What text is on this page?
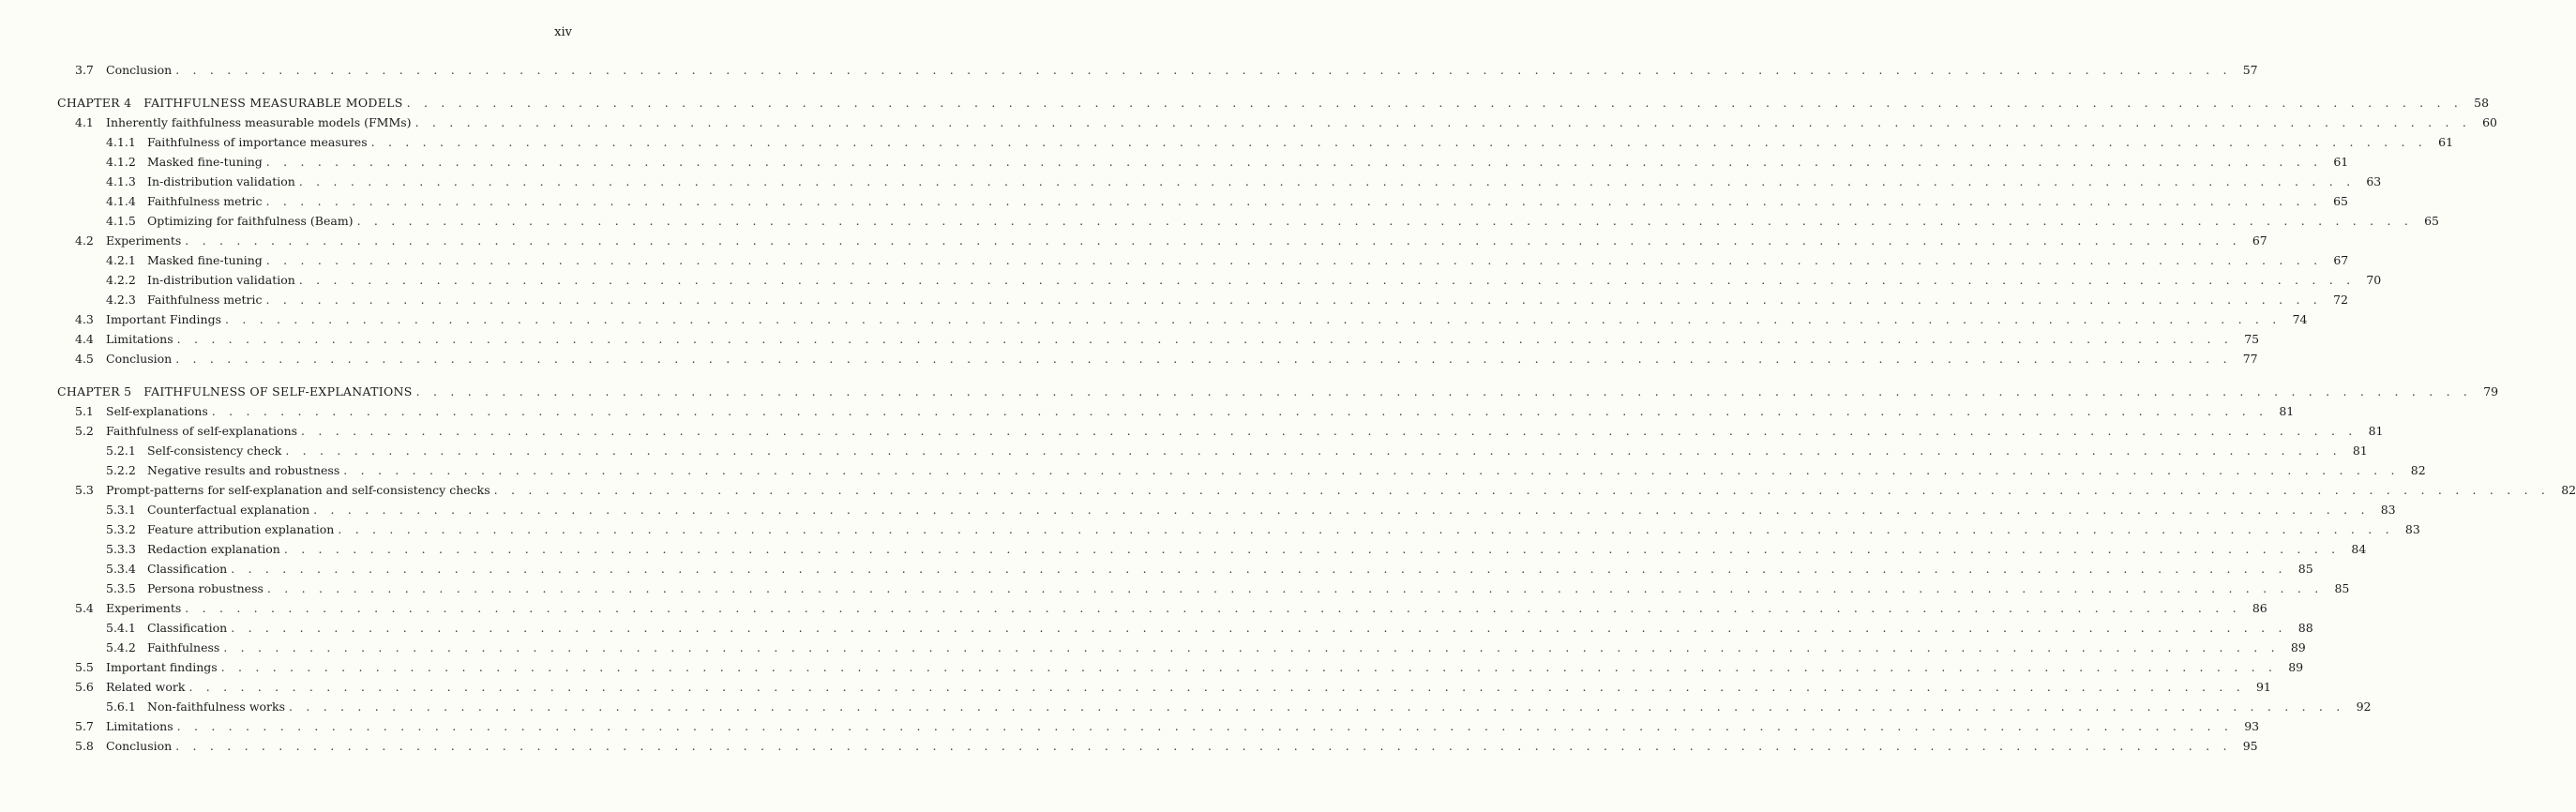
xiv
3.7 Conclusion . . . . . . . . . . . . . . . . . . . . . . . . . . . . . . . . . . . . . . . . . . . . . . . . . . . . . . . . . . . . . . . . . . . . . . . . . . . . . . . . . . . . . . . . . . . . . . . . . . . . . . . . . . . . . . . . . . . . . . . . 57
CHAPTER 4   FAITHFULNESS MEASURABLE MODELS . . . . . . . . . . . . . . . . . . . . . . . . . . . . . . . . . . . . . . . . . . . . . . . . . . . . . . . . . . . . . . . . . . . . . . . . . . . . . . . . . . . . . . . . . . . . . . . . . . . . . . . . . . . . . . . . . . . . . . . . 58
4.1 Inherently faithfulness measurable models (FMMs) . . . . . . . . . . . . . . . . . . . . . . . . . . . . . . . . . . . . . . . . . . . . . . . . . . . . . . . . . . . . . . . . . . . . . . . . . . . . . . . . . . . . . . . . . . . . . . . . . . . . . . . . . . . . . . . . . . . . . . . . 60
4.1.1 Faithfulness of importance measures . . . . . . . . . . . . . . . . . . . . . . . . . . . . . . . . . . . . . . . . . . . . . . . . . . . . . . . . . . . . . . . . . . . . . . . . . . . . . . . . . . . . . . . . . . . . . . . . . . . . . . . . . . . . . . . . . . . . . . . . 61
4.1.2 Masked fine-tuning . . . . . . . . . . . . . . . . . . . . . . . . . . . . . . . . . . . . . . . . . . . . . . . . . . . . . . . . . . . . . . . . . . . . . . . . . . . . . . . . . . . . . . . . . . . . . . . . . . . . . . . . . . . . . . . . . . . . . . . . 61
4.1.3 In-distribution validation . . . . . . . . . . . . . . . . . . . . . . . . . . . . . . . . . . . . . . . . . . . . . . . . . . . . . . . . . . . . . . . . . . . . . . . . . . . . . . . . . . . . . . . . . . . . . . . . . . . . . . . . . . . . . . . . . . . . . . . . 63
4.1.4 Faithfulness metric . . . . . . . . . . . . . . . . . . . . . . . . . . . . . . . . . . . . . . . . . . . . . . . . . . . . . . . . . . . . . . . . . . . . . . . . . . . . . . . . . . . . . . . . . . . . . . . . . . . . . . . . . . . . . . . . . . . . . . . . 65
4.1.5 Optimizing for faithfulness (Beam) . . . . . . . . . . . . . . . . . . . . . . . . . . . . . . . . . . . . . . . . . . . . . . . . . . . . . . . . . . . . . . . . . . . . . . . . . . . . . . . . . . . . . . . . . . . . . . . . . . . . . . . . . . . . . . . . . . . . . . . . 65
4.2 Experiments . . . . . . . . . . . . . . . . . . . . . . . . . . . . . . . . . . . . . . . . . . . . . . . . . . . . . . . . . . . . . . . . . . . . . . . . . . . . . . . . . . . . . . . . . . . . . . . . . . . . . . . . . . . . . . . . . . . . . . . . 67
4.2.1 Masked fine-tuning . . . . . . . . . . . . . . . . . . . . . . . . . . . . . . . . . . . . . . . . . . . . . . . . . . . . . . . . . . . . . . . . . . . . . . . . . . . . . . . . . . . . . . . . . . . . . . . . . . . . . . . . . . . . . . . . . . . . . . . . 67
4.2.2 In-distribution validation . . . . . . . . . . . . . . . . . . . . . . . . . . . . . . . . . . . . . . . . . . . . . . . . . . . . . . . . . . . . . . . . . . . . . . . . . . . . . . . . . . . . . . . . . . . . . . . . . . . . . . . . . . . . . . . . . . . . . . . . 70
4.2.3 Faithfulness metric . . . . . . . . . . . . . . . . . . . . . . . . . . . . . . . . . . . . . . . . . . . . . . . . . . . . . . . . . . . . . . . . . . . . . . . . . . . . . . . . . . . . . . . . . . . . . . . . . . . . . . . . . . . . . . . . . . . . . . . . 72
4.3 Important Findings . . . . . . . . . . . . . . . . . . . . . . . . . . . . . . . . . . . . . . . . . . . . . . . . . . . . . . . . . . . . . . . . . . . . . . . . . . . . . . . . . . . . . . . . . . . . . . . . . . . . . . . . . . . . . . . . . . . . . . . . 74
4.4 Limitations . . . . . . . . . . . . . . . . . . . . . . . . . . . . . . . . . . . . . . . . . . . . . . . . . . . . . . . . . . . . . . . . . . . . . . . . . . . . . . . . . . . . . . . . . . . . . . . . . . . . . . . . . . . . . . . . . . . . . . . . 75
4.5 Conclusion . . . . . . . . . . . . . . . . . . . . . . . . . . . . . . . . . . . . . . . . . . . . . . . . . . . . . . . . . . . . . . . . . . . . . . . . . . . . . . . . . . . . . . . . . . . . . . . . . . . . . . . . . . . . . . . . . . . . . . . . 77
CHAPTER 5   FAITHFULNESS OF SELF-EXPLANATIONS . . . . . . . . . . . . . . . . . . . . . . . . . . . . . . . . . . . . . . . . . . . . . . . . . . . . . . . . . . . . . . . . . . . . . . . . . . . . . . . . . . . . . . . . . . . . . . . . . . . . . . . . . . . . . . . . . . . . . . . . 79
5.1 Self-explanations . . . . . . . . . . . . . . . . . . . . . . . . . . . . . . . . . . . . . . . . . . . . . . . . . . . . . . . . . . . . . . . . . . . . . . . . . . . . . . . . . . . . . . . . . . . . . . . . . . . . . . . . . . . . . . . . . . . . . . . . 81
5.2 Faithfulness of self-explanations . . . . . . . . . . . . . . . . . . . . . . . . . . . . . . . . . . . . . . . . . . . . . . . . . . . . . . . . . . . . . . . . . . . . . . . . . . . . . . . . . . . . . . . . . . . . . . . . . . . . . . . . . . . . . . . . . . . . . . . . 81
5.2.1 Self-consistency check . . . . . . . . . . . . . . . . . . . . . . . . . . . . . . . . . . . . . . . . . . . . . . . . . . . . . . . . . . . . . . . . . . . . . . . . . . . . . . . . . . . . . . . . . . . . . . . . . . . . . . . . . . . . . . . . . . . . . . . . 81
5.2.2 Negative results and robustness . . . . . . . . . . . . . . . . . . . . . . . . . . . . . . . . . . . . . . . . . . . . . . . . . . . . . . . . . . . . . . . . . . . . . . . . . . . . . . . . . . . . . . . . . . . . . . . . . . . . . . . . . . . . . . . . . . . . . . . . 82
5.3 Prompt-patterns for self-explanation and self-consistency checks . . . . . . . . . . . . . . . . . . . . . . . . . . . . . . . . . . . . . . . . . . . . . . . . . . . . . . . . . . . . . . . . . . . . . . . . . . . . . . . . . . . . . . . . . . . . . . . . . . . . . . . . . . . . . . . . . . . . . . . . 82
5.3.1 Counterfactual explanation . . . . . . . . . . . . . . . . . . . . . . . . . . . . . . . . . . . . . . . . . . . . . . . . . . . . . . . . . . . . . . . . . . . . . . . . . . . . . . . . . . . . . . . . . . . . . . . . . . . . . . . . . . . . . . . . . . . . . . . . 83
5.3.2 Feature attribution explanation . . . . . . . . . . . . . . . . . . . . . . . . . . . . . . . . . . . . . . . . . . . . . . . . . . . . . . . . . . . . . . . . . . . . . . . . . . . . . . . . . . . . . . . . . . . . . . . . . . . . . . . . . . . . . . . . . . . . . . . . 83
5.3.3 Redaction explanation . . . . . . . . . . . . . . . . . . . . . . . . . . . . . . . . . . . . . . . . . . . . . . . . . . . . . . . . . . . . . . . . . . . . . . . . . . . . . . . . . . . . . . . . . . . . . . . . . . . . . . . . . . . . . . . . . . . . . . . . 84
5.3.4 Classification . . . . . . . . . . . . . . . . . . . . . . . . . . . . . . . . . . . . . . . . . . . . . . . . . . . . . . . . . . . . . . . . . . . . . . . . . . . . . . . . . . . . . . . . . . . . . . . . . . . . . . . . . . . . . . . . . . . . . . . . 85
5.3.5 Persona robustness . . . . . . . . . . . . . . . . . . . . . . . . . . . . . . . . . . . . . . . . . . . . . . . . . . . . . . . . . . . . . . . . . . . . . . . . . . . . . . . . . . . . . . . . . . . . . . . . . . . . . . . . . . . . . . . . . . . . . . . . 85
5.4 Experiments . . . . . . . . . . . . . . . . . . . . . . . . . . . . . . . . . . . . . . . . . . . . . . . . . . . . . . . . . . . . . . . . . . . . . . . . . . . . . . . . . . . . . . . . . . . . . . . . . . . . . . . . . . . . . . . . . . . . . . . . 86
5.4.1 Classification . . . . . . . . . . . . . . . . . . . . . . . . . . . . . . . . . . . . . . . . . . . . . . . . . . . . . . . . . . . . . . . . . . . . . . . . . . . . . . . . . . . . . . . . . . . . . . . . . . . . . . . . . . . . . . . . . . . . . . . . 88
5.4.2 Faithfulness . . . . . . . . . . . . . . . . . . . . . . . . . . . . . . . . . . . . . . . . . . . . . . . . . . . . . . . . . . . . . . . . . . . . . . . . . . . . . . . . . . . . . . . . . . . . . . . . . . . . . . . . . . . . . . . . . . . . . . . . 89
5.5 Important findings . . . . . . . . . . . . . . . . . . . . . . . . . . . . . . . . . . . . . . . . . . . . . . . . . . . . . . . . . . . . . . . . . . . . . . . . . . . . . . . . . . . . . . . . . . . . . . . . . . . . . . . . . . . . . . . . . . . . . . . . 89
5.6 Related work . . . . . . . . . . . . . . . . . . . . . . . . . . . . . . . . . . . . . . . . . . . . . . . . . . . . . . . . . . . . . . . . . . . . . . . . . . . . . . . . . . . . . . . . . . . . . . . . . . . . . . . . . . . . . . . . . . . . . . . . 91
5.6.1 Non-faithfulness works . . . . . . . . . . . . . . . . . . . . . . . . . . . . . . . . . . . . . . . . . . . . . . . . . . . . . . . . . . . . . . . . . . . . . . . . . . . . . . . . . . . . . . . . . . . . . . . . . . . . . . . . . . . . . . . . . . . . . . . . 92
5.7 Limitations . . . . . . . . . . . . . . . . . . . . . . . . . . . . . . . . . . . . . . . . . . . . . . . . . . . . . . . . . . . . . . . . . . . . . . . . . . . . . . . . . . . . . . . . . . . . . . . . . . . . . . . . . . . . . . . . . . . . . . . . 93
5.8 Conclusion . . . . . . . . . . . . . . . . . . . . . . . . . . . . . . . . . . . . . . . . . . . . . . . . . . . . . . . . . . . . . . . . . . . . . . . . . . . . . . . . . . . . . . . . . . . . . . . . . . . . . . . . . . . . . . . . . . . . . . . . 95
